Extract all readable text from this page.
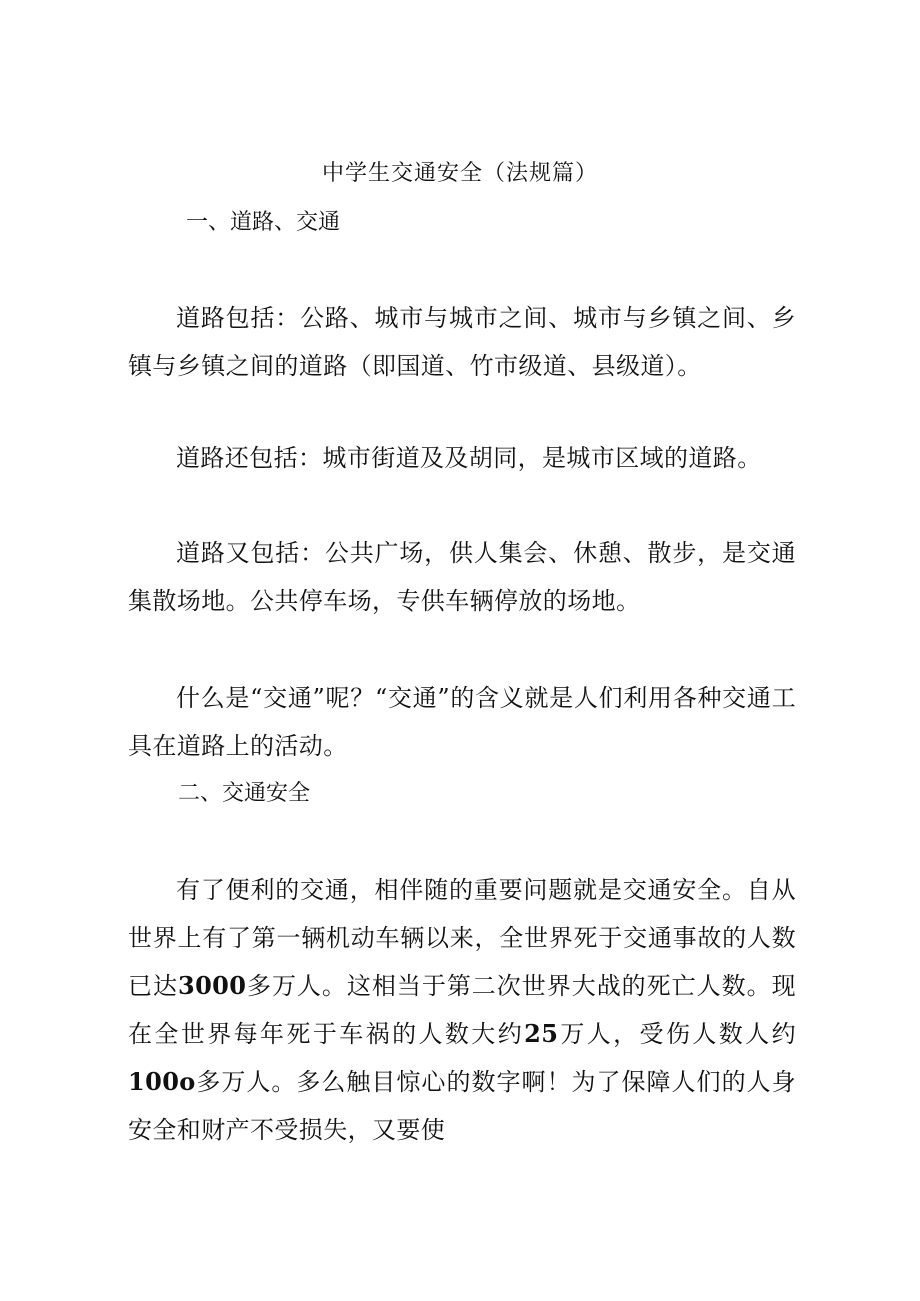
中学生交通安全（法规篇）
一、道路、交通

道路包括：公路、城市与城市之间、城市与乡镇之间、乡镇与乡镇之间的道路（即国道、竹市级道、县级道）。

道路还包括：城市街道及及胡同，是城市区域的道路。

道路又包括：公共广场，供人集会、休憩、散步，是交通集散场地。公共停车场，专供车辆停放的场地。

什么是“交通”呢？“交通”的含义就是人们利用各种交通工具在道路上的活动。

二、交通安全

有了便利的交通，相伴随的重要问题就是交通安全。自从世界上有了第一辆机动车辆以来，全世界死于交通事故的人数已达3000多万人。这相当于第二次世界大战的死亡人数。现在全世界每年死于车祸的人数大约25万人，受伤人数人约100o多万人。多么触目惊心的数字啊！为了保障人们的人身安全和财产不受损失，又要使
